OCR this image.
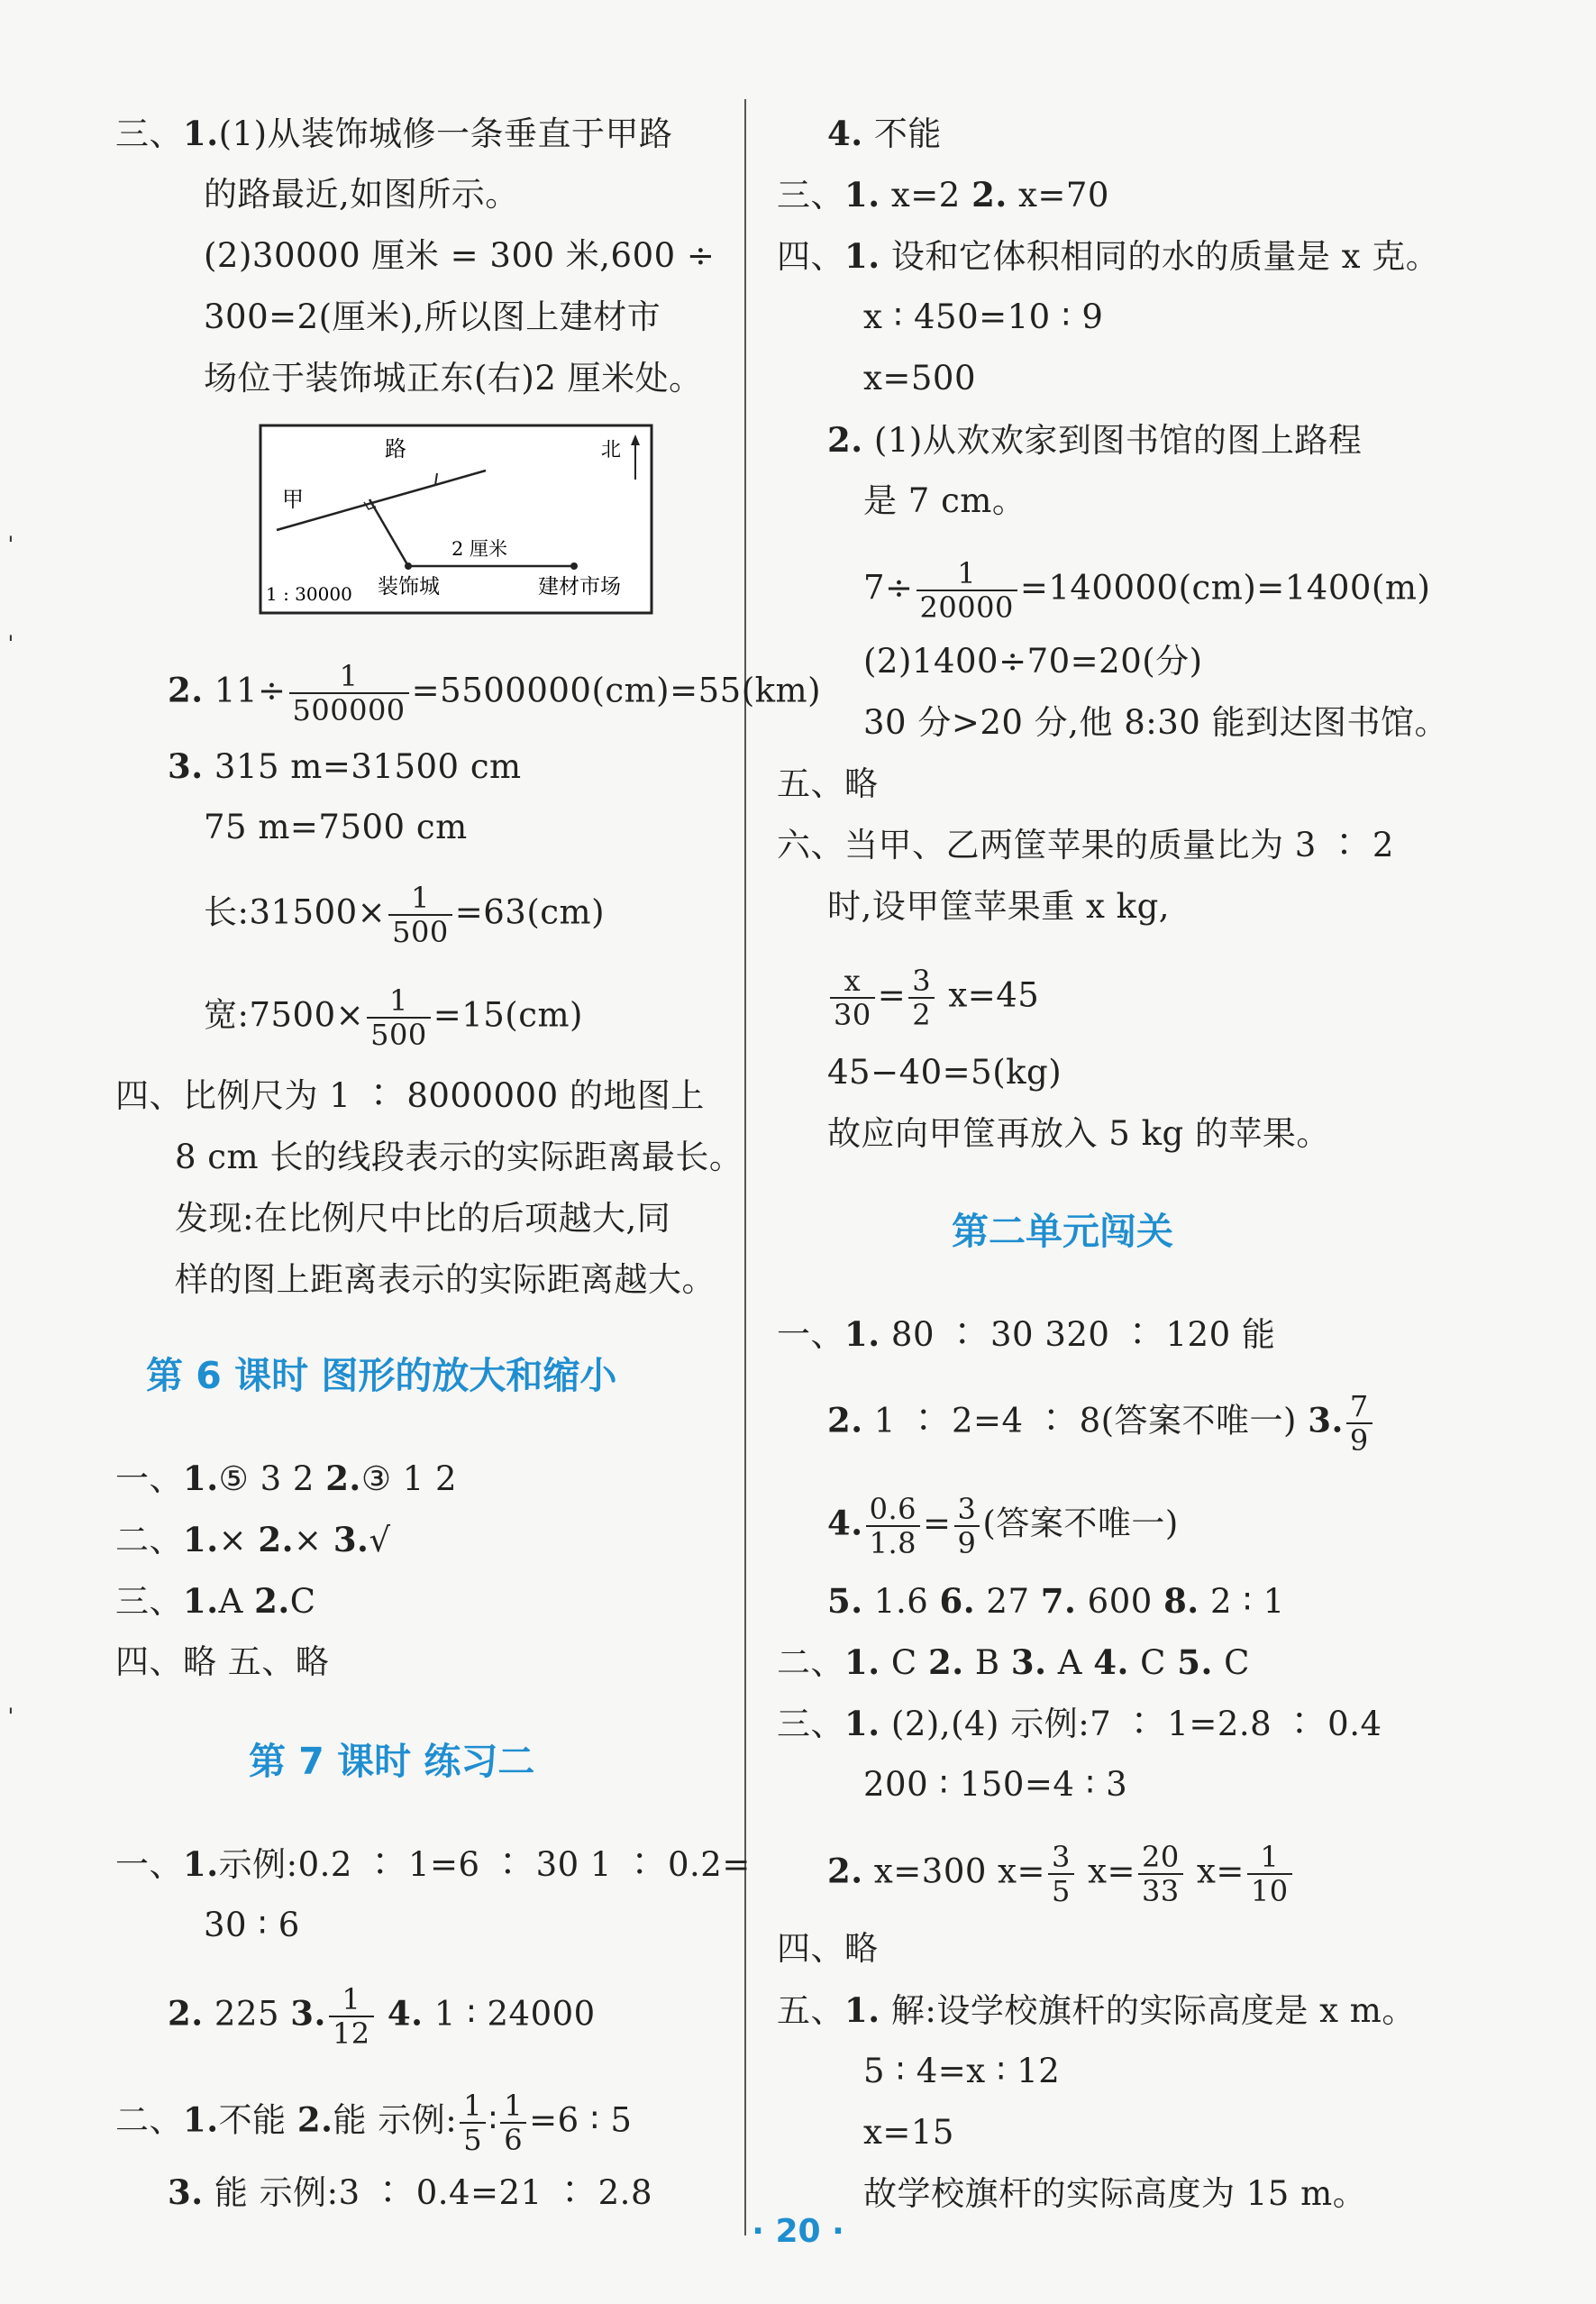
ˈ
ˈ
ˈ
三、1.(1)从装饰城修一条垂直于甲路
的路最近,如图所示。
(2)30000 厘米 = 300 米,600 ÷
300=2(厘米),所以图上建材市
场位于装饰城正东(右)2 厘米处。
路
甲
北
2 厘米
1 : 30000 装饰城	建材市场
2. $11\div \frac{1}{500000} =5500000(cm)=55(km)$
3. 315 m=31500 cm
75 m=7500 cm
长:31500× $\frac{1}{500} =63(cm)$
宽:7500× $\frac{1}{500} =15(cm)$
四、比例尺为 1 ∶ 8000000 的地图上
8 cm 长的线段表示的实际距离最长。
发现:在比例尺中比的后项越大,同
样的图上距离表示的实际距离越大。
第 6 课时 图形的放大和缩小
一、1.⑤ 3 2 2.③ 1 2
二、1.× 2.× 3.√
三、1.A 2.C
四、略 五、略
第 7 课时 练习二
一、1.示例:0.2 ∶ 1=6 ∶ 30 1 ∶ 0.2=
30 ∶ 6
2. 225 3. $\frac{1}{12} 4$. 1 ∶ 24000
二、1.不能 2.能 示例: $\frac{1}{5}$ ∶ $\frac{1}{6} =6$ ∶ 5
3. 能 示例:3 ∶ 0.4=21 ∶ 2.8
4. 不能
三、1. x=2 2. x=70
四、1. 设和它体积相同的水的质量是 x 克。
x ∶ 450=10 ∶ 9
x=500
2. (1)从欢欢家到图书馆的图上路程
是 7 cm。
$7\div \frac{1}{20000} =140000(cm)=1400(m)$
(2)1400÷70=20(分)
30 分>20 分,他 8:30 能到达图书馆。
五、略
六、当甲、乙两筐苹果的质量比为 3 ∶ 2
时,设甲筐苹果重 x kg,
$\frac{x}{30} = \frac{3}{2} x=45$
45−40=5(kg)
故应向甲筐再放入 5 kg 的苹果。
第二单元闯关
一、1. 80 ∶ 30 320 ∶ 120 能
2. 1 ∶ 2=4 ∶ 8(答案不唯一) 3. $\frac{7}{9}$
4. $\frac{0.6}{1.8} = \frac{3}{9}$ (答案不唯一)
5. 1.6 6. 27 7. 600 8. 2 ∶ 1
二、1. C 2. B 3. A 4. C 5. C
三、1. (2),(4) 示例:7 ∶ 1=2.8 ∶ 0.4
200 ∶ 150=4 ∶ 3
2. x=300 $x= \frac{3}{5} x= \frac{20}{33} x= \frac{1}{10}$
四、略
五、1. 解:设学校旗杆的实际高度是 x m。
5 ∶ 4=x ∶ 12
x=15
故学校旗杆的实际高度为 15 m。
· 20 ·
